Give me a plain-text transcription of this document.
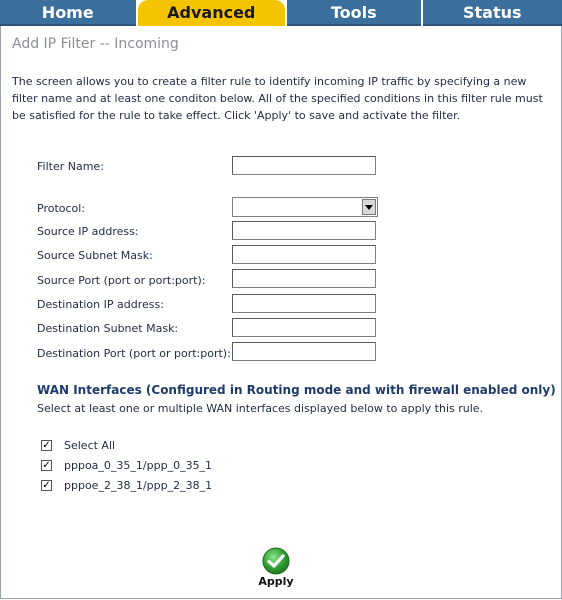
Home	Advanced	Tools	Status
Add IP Filter -- Incoming
The screen allows you to create a filter rule to identify incoming IP traffic by specifying a new filter name and at least one conditon below. All of the specified conditions in this filter rule must be satisfied for the rule to take effect. Click 'Apply' to save and activate the filter.
Filter Name:
Protocol:
Source IP address:
Source Subnet Mask:
Source Port (port or port:port):
Destination IP address:
Destination Subnet Mask:
Destination Port (port or port:port):
WAN Interfaces (Configured in Routing mode and with firewall enabled only)
Select at least one or multiple WAN interfaces displayed below to apply this rule.
✓ Select All
✓ pppoa_0_35_1/ppp_0_35_1
✓ pppoe_2_38_1/ppp_2_38_1
Apply
